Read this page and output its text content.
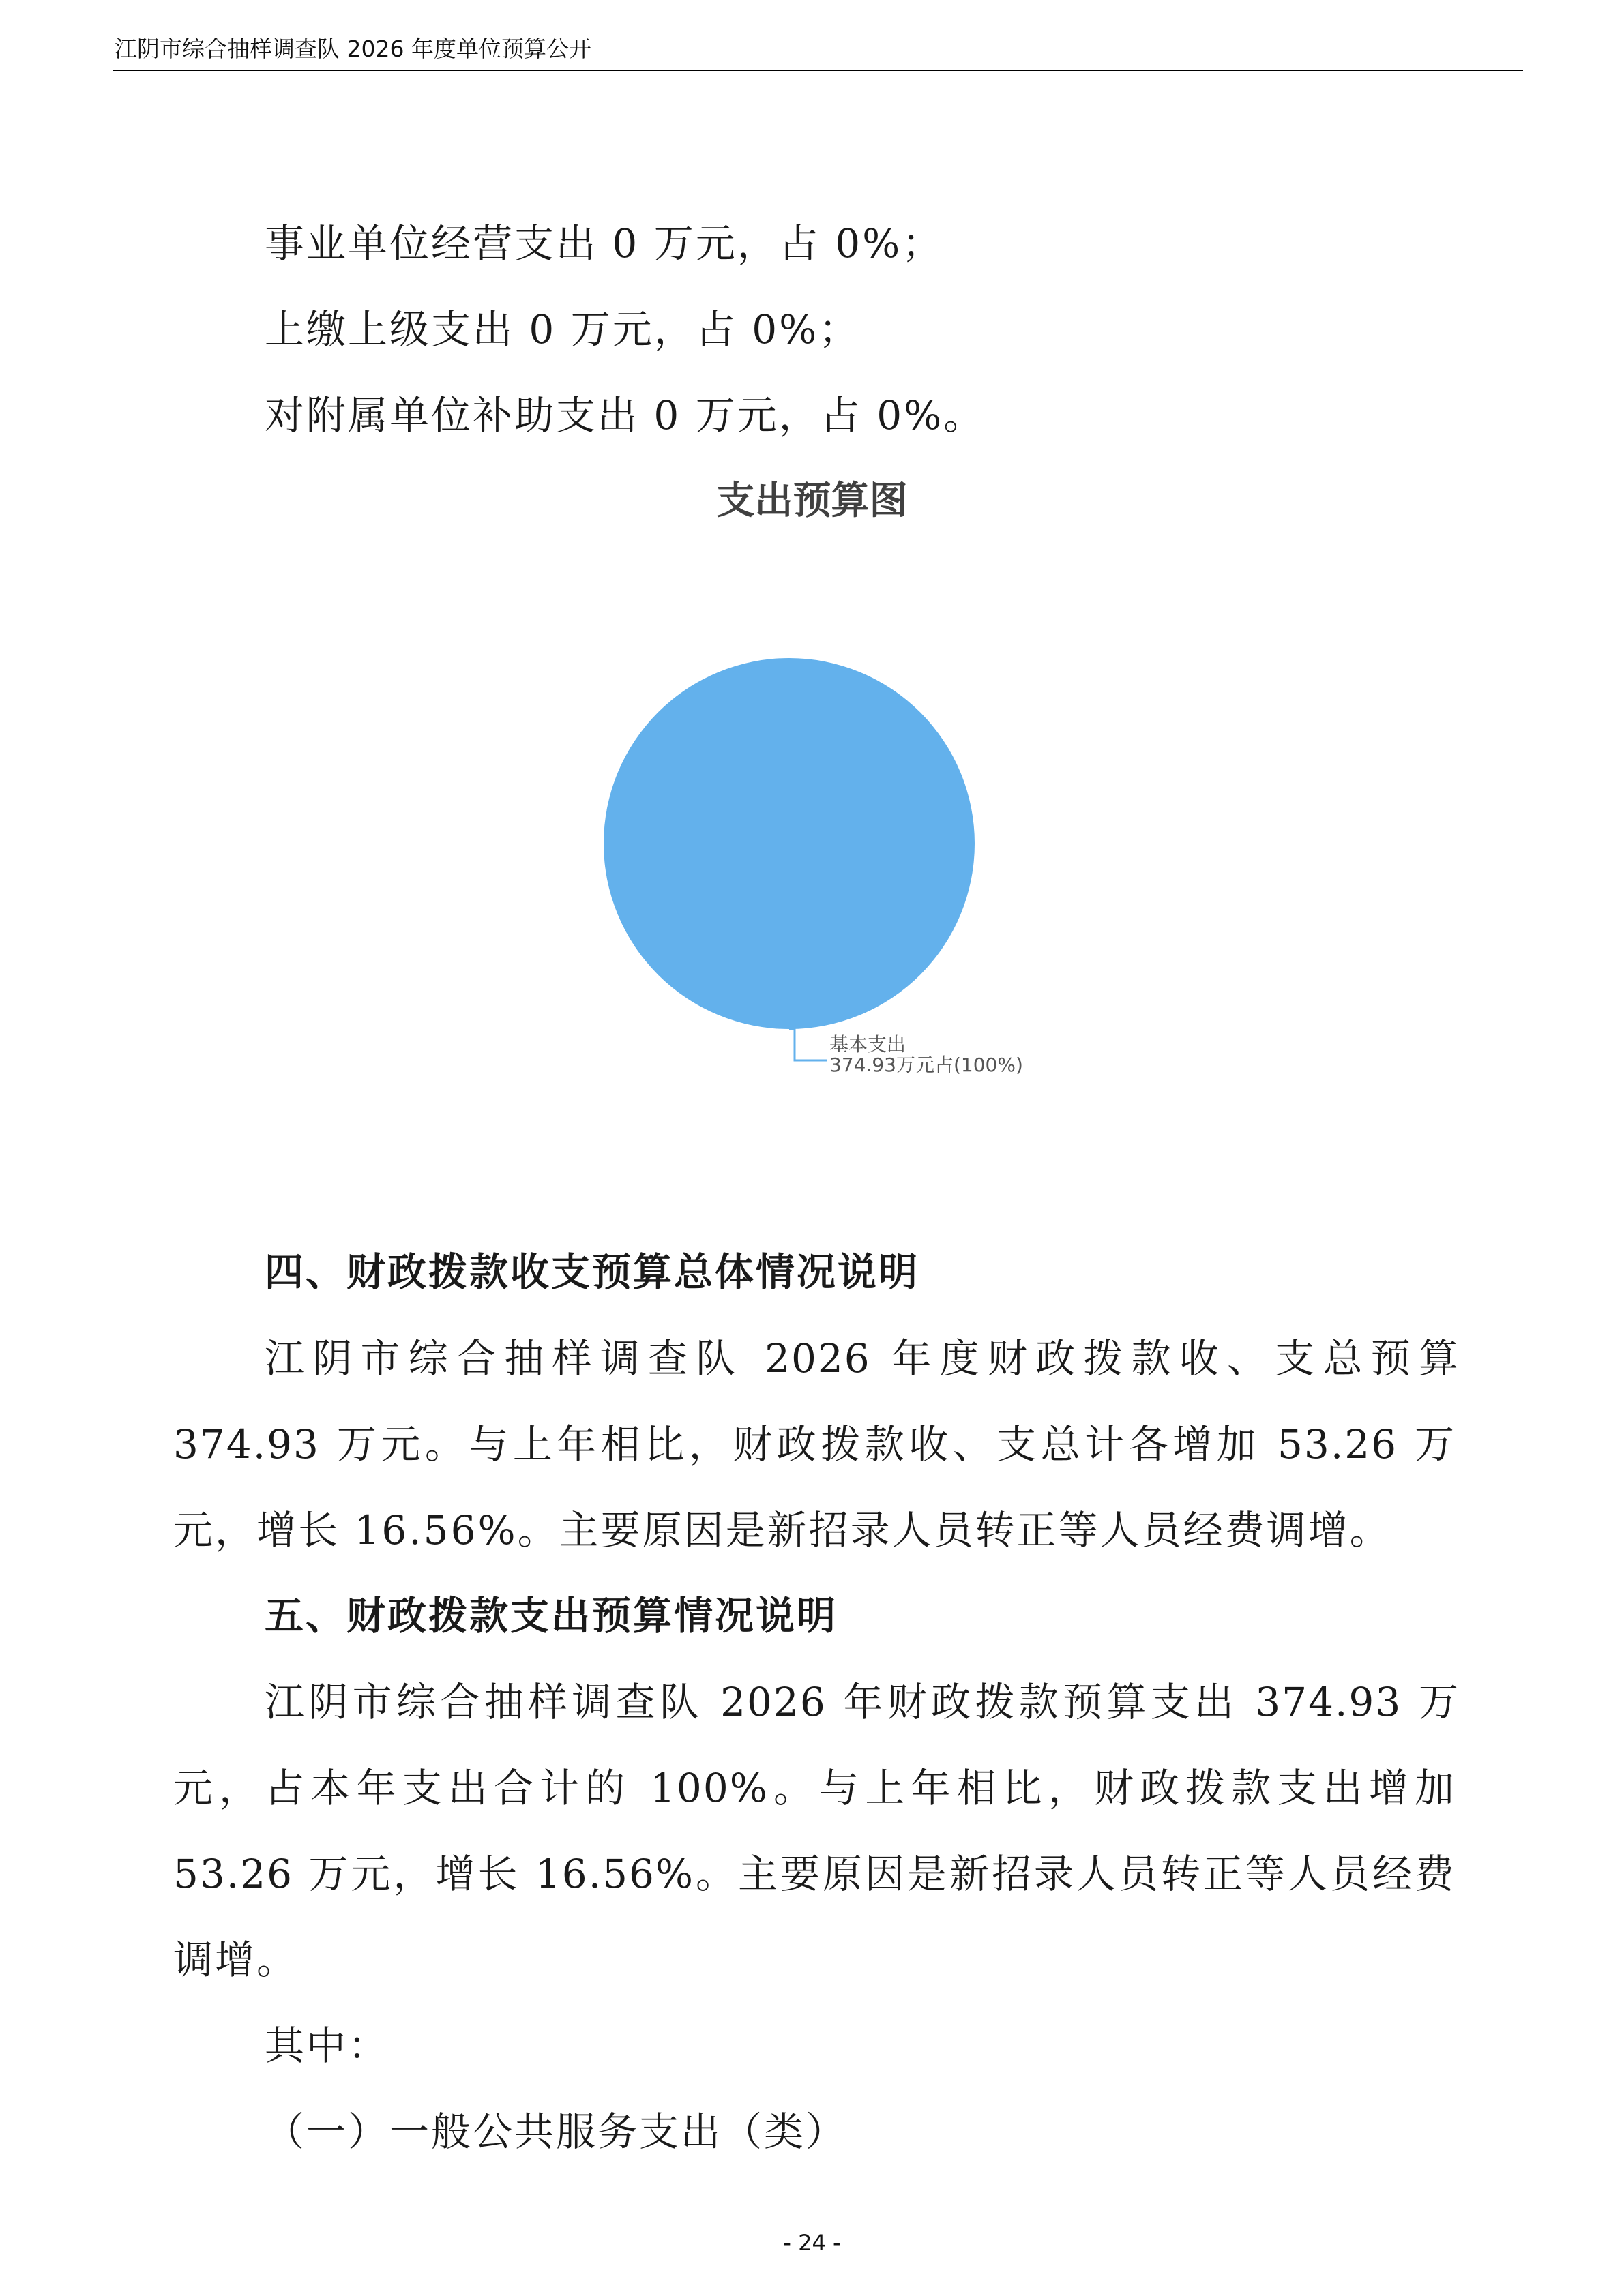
江阴市综合抽样调查队 2026 年度单位预算公开
事业单位经营支出 0 万元，占 0%；
上缴上级支出 0 万元，占 0%；
对附属单位补助支出 0 万元，占 0%。
支出预算图
基本支出
374.93万元占(100%)
四、财政拨款收支预算总体情况说明
江阴市综合抽样调查队 2026 年度财政拨款收、支总预算
374.93 万元。与上年相比，财政拨款收、支总计各增加 53.26 万
元，增长 16.56%。主要原因是新招录人员转正等人员经费调增。
五、财政拨款支出预算情况说明
江阴市综合抽样调查队 2026 年财政拨款预算支出 374.93 万
元，占本年支出合计的 100%。与上年相比，财政拨款支出增加
53.26 万元，增长 16.56%。主要原因是新招录人员转正等人员经费
调增。
其中：
（一）一般公共服务支出（类）
- 24 -
